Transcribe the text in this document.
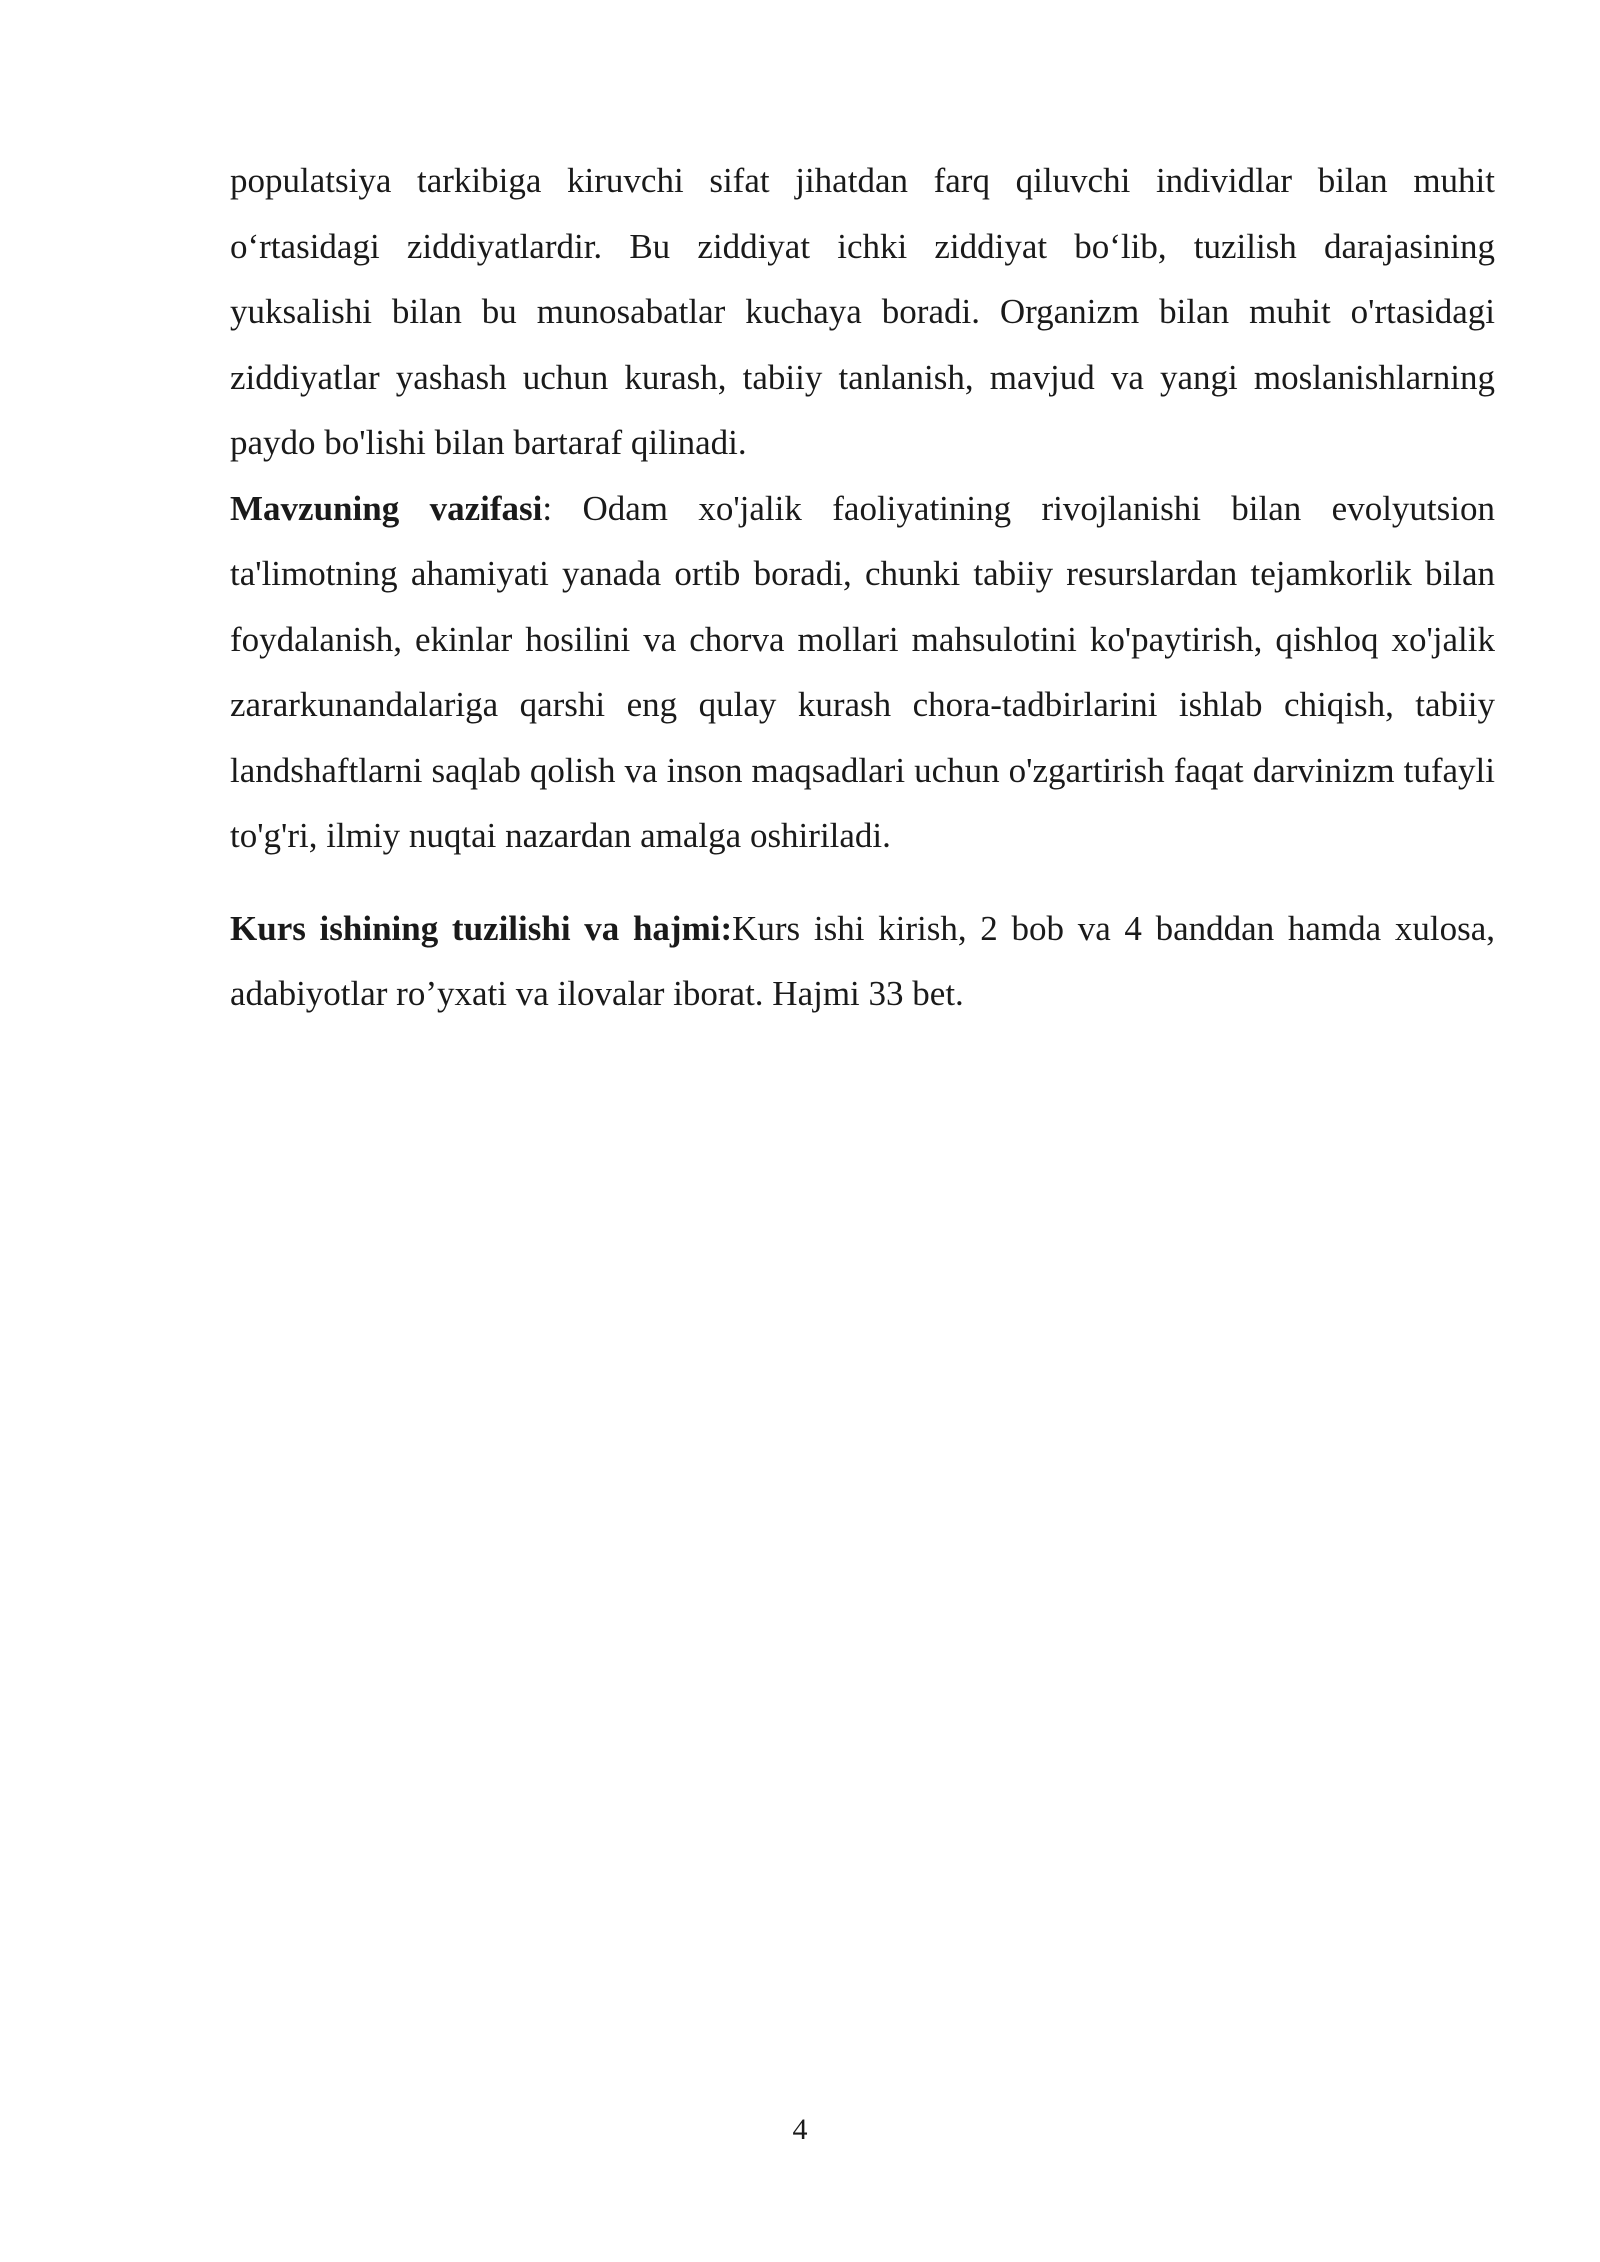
populatsiya tarkibiga kiruvchi sifat jihatdan farq qiluvchi individlar bilan muhit o‘rtasidagi ziddiyatlardir. Bu ziddiyat ichki ziddiyat bo‘lib, tuzilish darajasining yuksalishi bilan bu munosabatlar kuchaya boradi. Organizm bilan muhit o'rtasidagi ziddiyatlar yashash uchun kurash, tabiiy tanlanish, mavjud va yangi moslanishlarning paydo bo'lishi bilan bartaraf qilinadi.

Mavzuning vazifasi: Odam xo'jalik faoliyatining rivojlanishi bilan evolyutsion ta'limotning ahamiyati yanada ortib boradi, chunki tabiiy resurslardan tejamkorlik bilan foydalanish, ekinlar hosilini va chorva mollari mahsulotini ko'paytirish, qishloq xo'jalik zararkunandalariga qarshi eng qulay kurash chora-tadbirlarini ishlab chiqish, tabiiy landshaftlarni saqlab qolish va inson maqsadlari uchun o'zgartirish faqat darvinizm tufayli to'g'ri, ilmiy nuqtai nazardan amalga oshiriladi.

Kurs ishining tuzilishi va hajmi:Kurs ishi kirish, 2 bob va 4 banddan hamda xulosa, adabiyotlar ro’yxati va ilovalar iborat. Hajmi 33 bet.

4
